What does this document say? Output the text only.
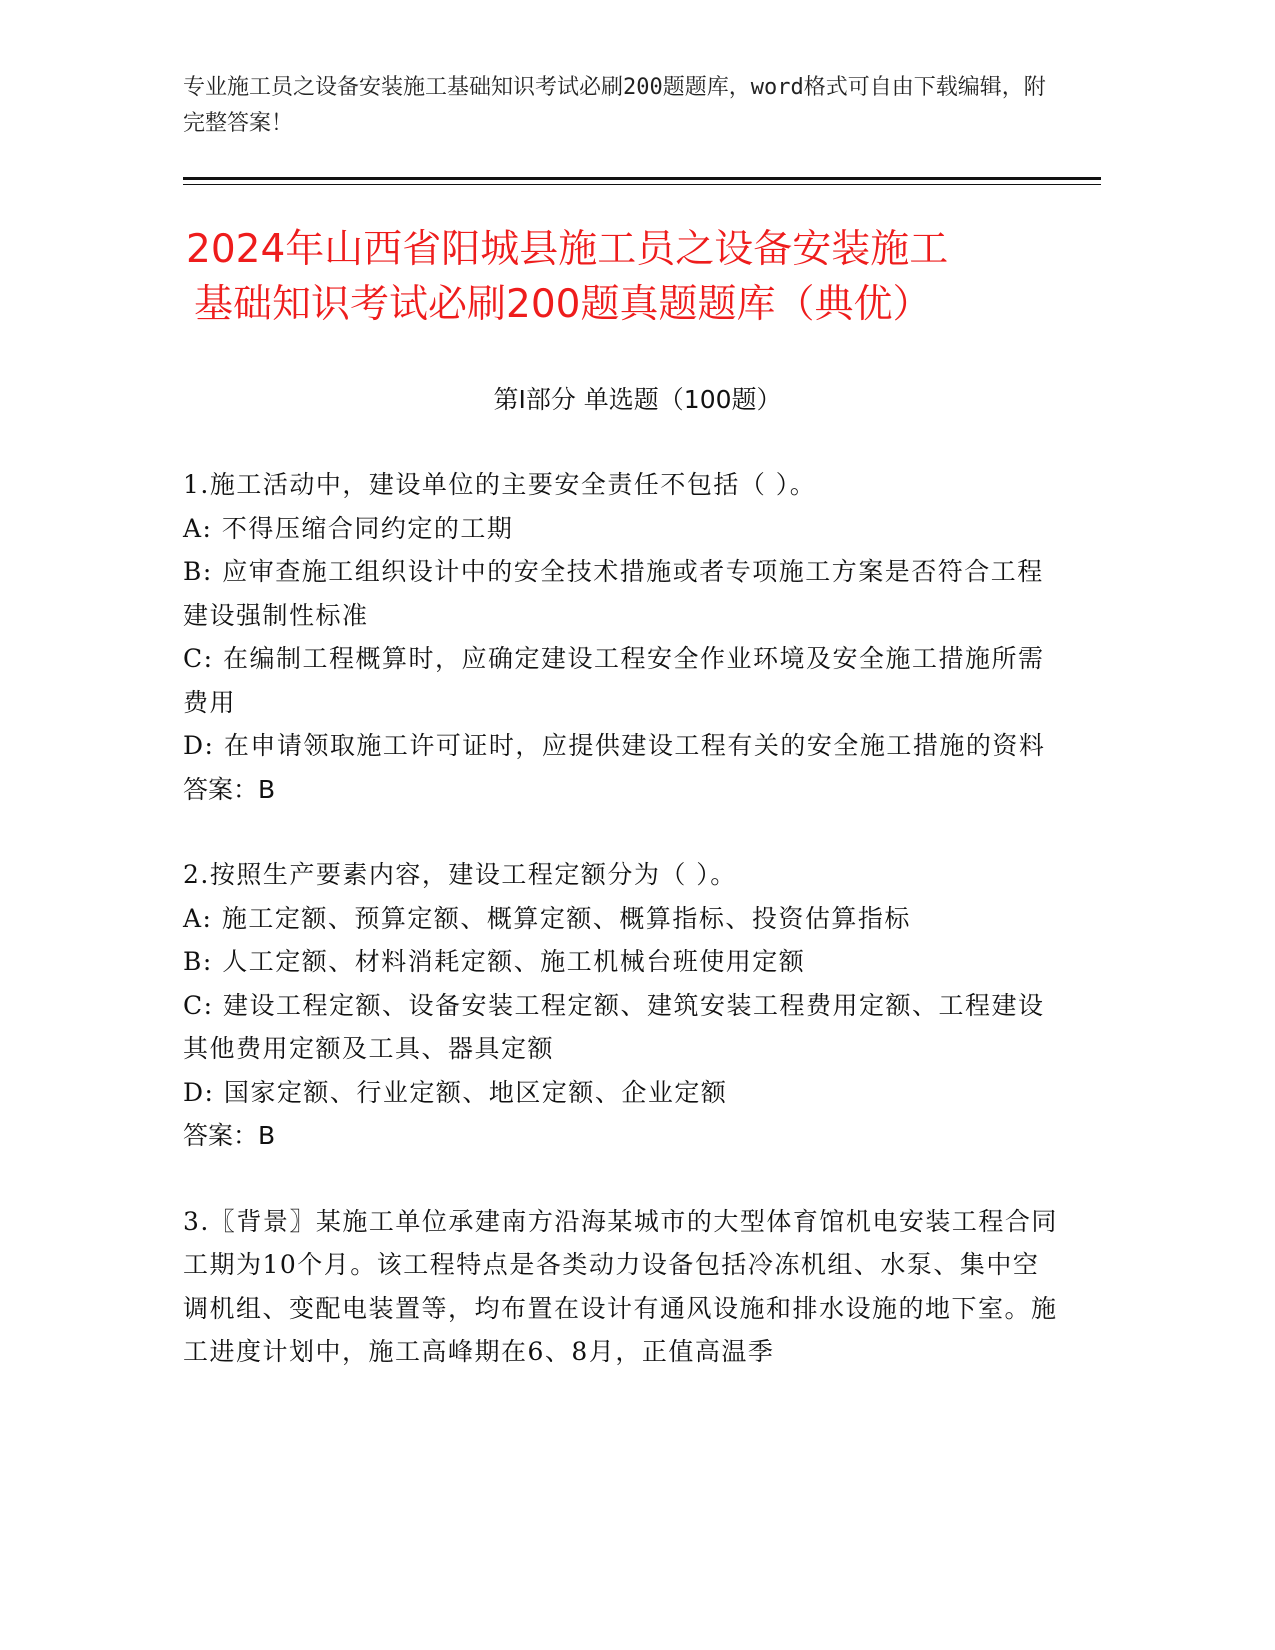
专业施工员之设备安装施工基础知识考试必刷200题题库，word格式可自由下载编辑，附完整答案！
2024年山西省阳城县施工员之设备安装施工
基础知识考试必刷200题真题题库（典优）
第Ⅰ部分 单选题（100题）
1.施工活动中，建设单位的主要安全责任不包括（ ）。
A: 不得压缩合同约定的工期
B: 应审查施工组织设计中的安全技术措施或者专项施工方案是否符合工程建设强制性标准
C: 在编制工程概算时，应确定建设工程安全作业环境及安全施工措施所需费用
D: 在申请领取施工许可证时，应提供建设工程有关的安全施工措施的资料
答案：B
2.按照生产要素内容，建设工程定额分为（ ）。
A: 施工定额、预算定额、概算定额、概算指标、投资估算指标
B: 人工定额、材料消耗定额、施工机械台班使用定额
C: 建设工程定额、设备安装工程定额、建筑安装工程费用定额、工程建设其他费用定额及工具、器具定额
D: 国家定额、行业定额、地区定额、企业定额
答案：B
3.〖背景〗某施工单位承建南方沿海某城市的大型体育馆机电安装工程合同工期为10个月。该工程特点是各类动力设备包括冷冻机组、水泵、集中空调机组、变配电装置等，均布置在设计有通风设施和排水设施的地下室。施工进度计划中，施工高峰期在6、8月，正值高温季
